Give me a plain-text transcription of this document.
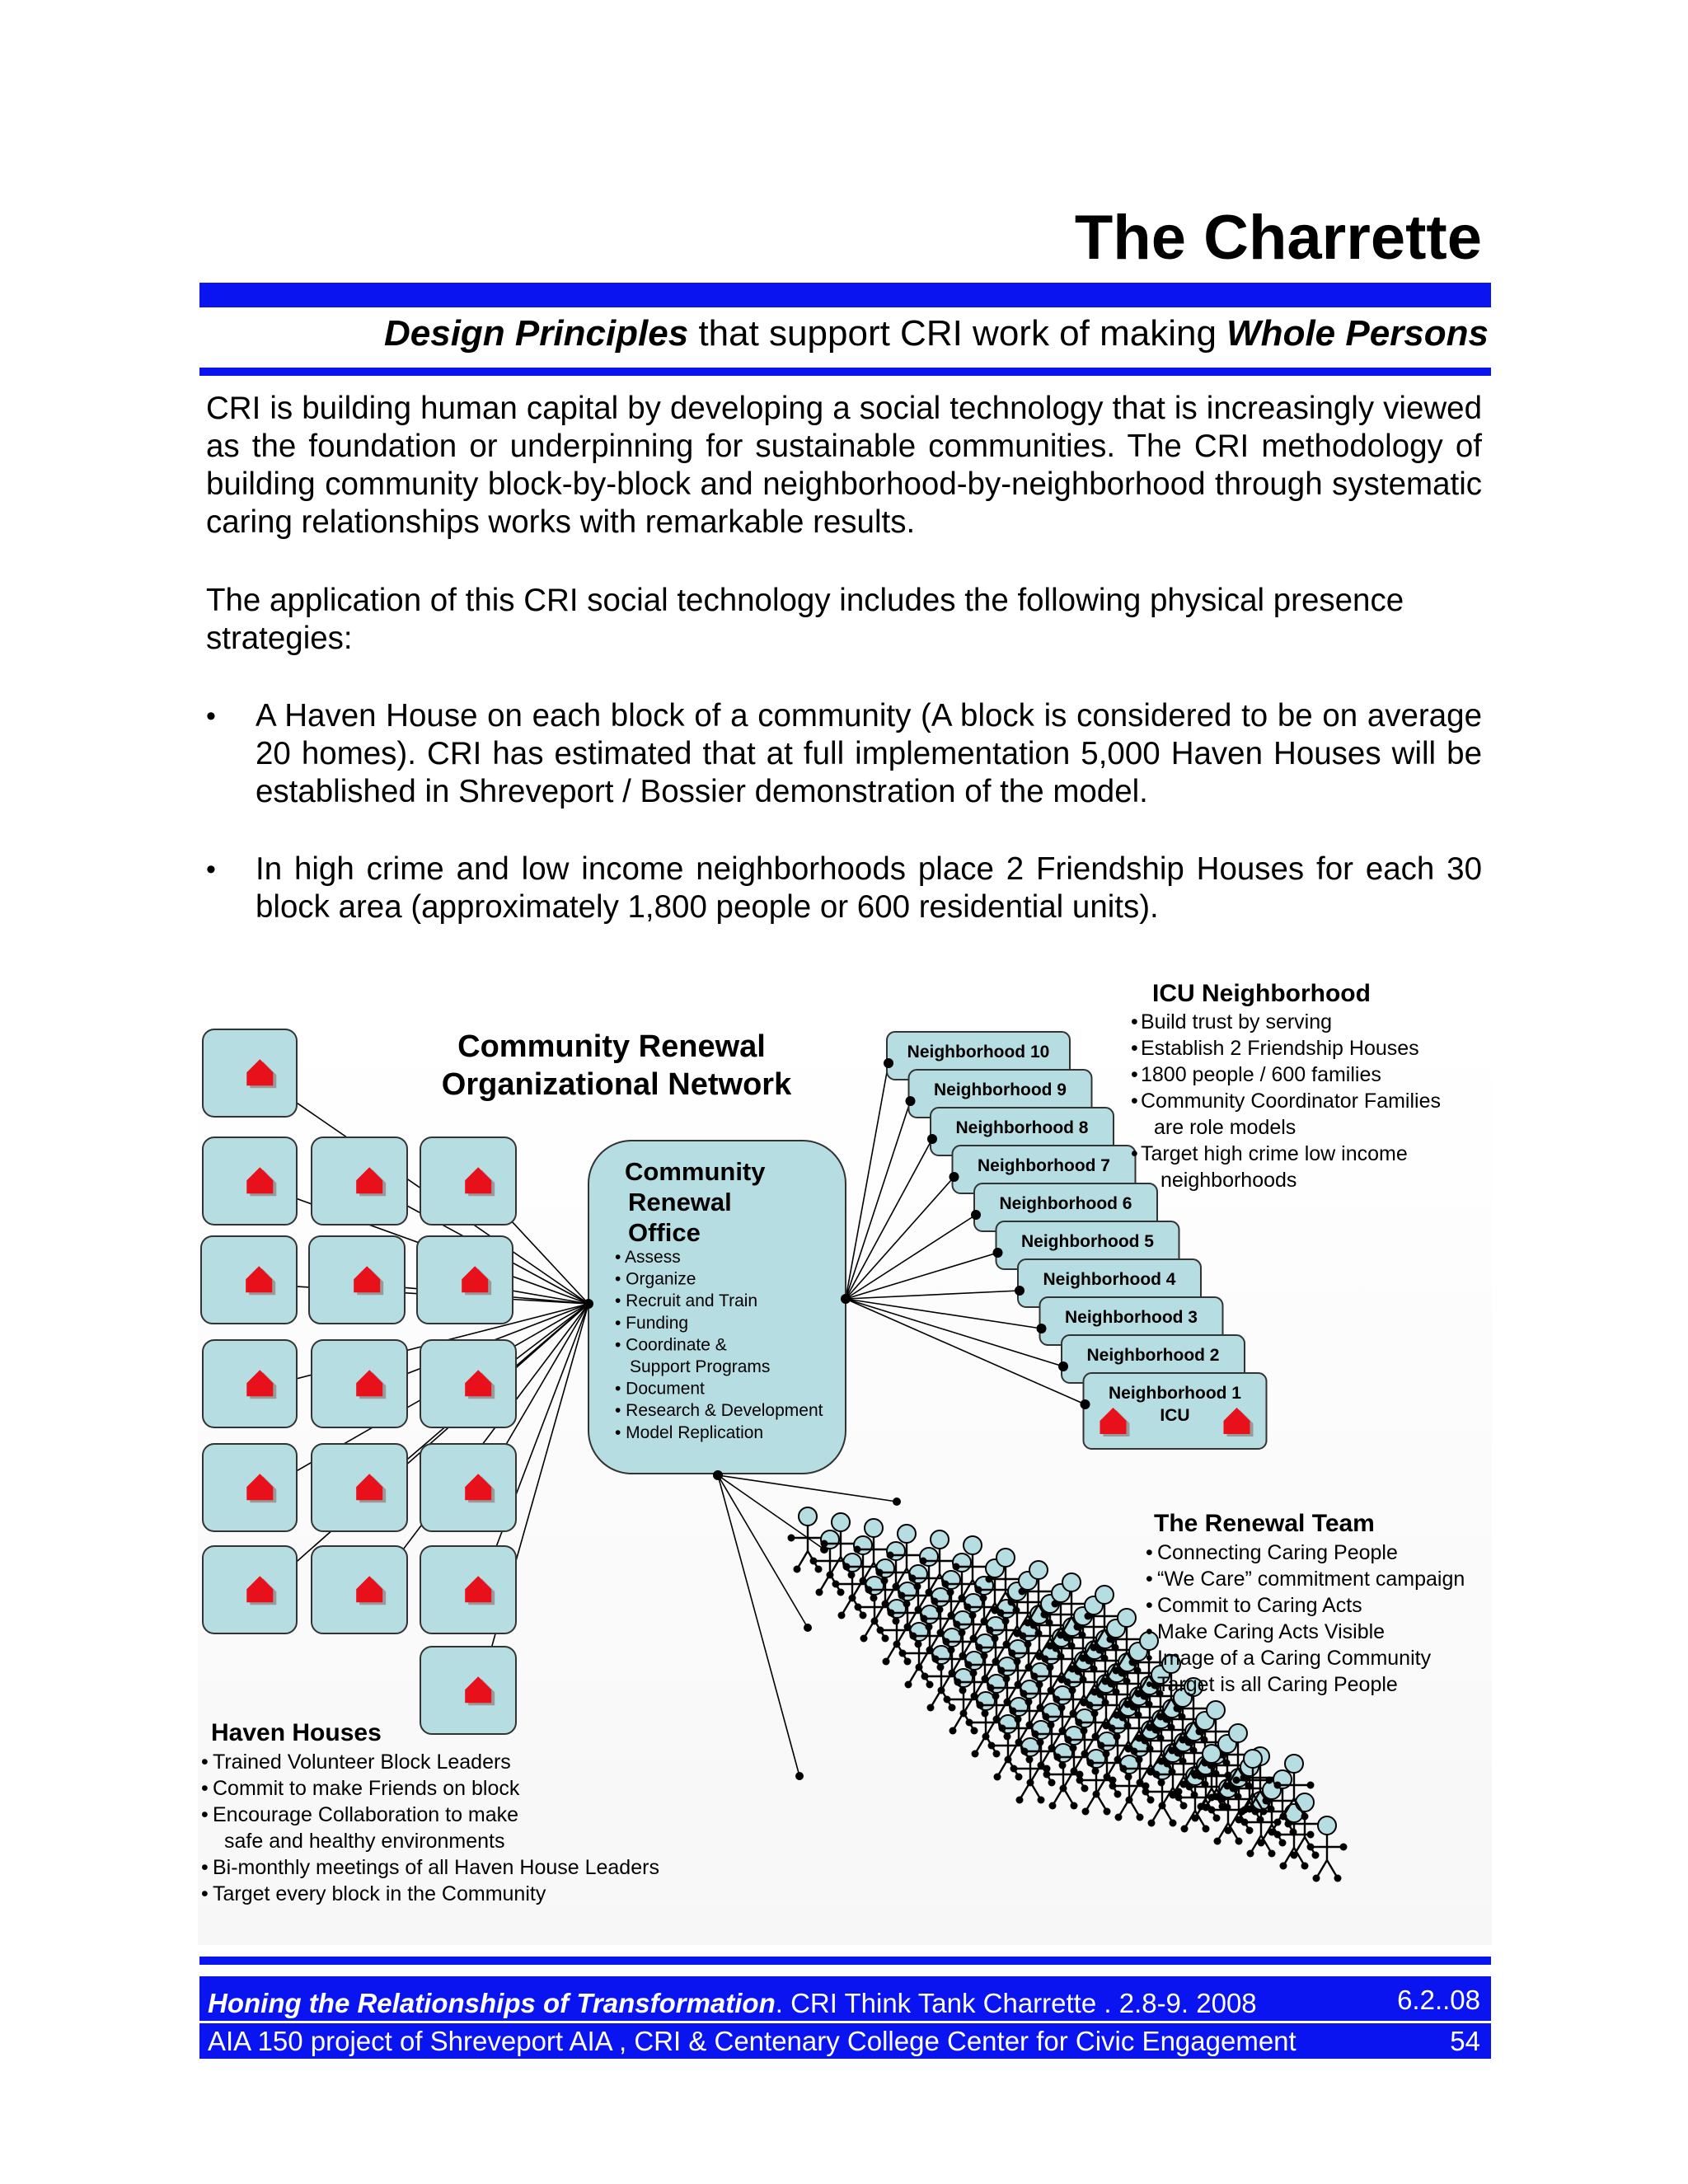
The Charrette
Design Principles that support CRI work of making Whole Persons
CRI is building human capital by developing a social technology that is increasingly viewed as the foundation or underpinning for sustainable communities. The CRI methodology of building community block-by-block and neighborhood-by-neighborhood through systematic caring relationships works with remarkable results.
The application of this CRI social technology includes the following physical presence strategies:
• A Haven House on each block of a community (A block is considered to be on average 20 homes). CRI has estimated that at full implementation 5,000 Haven Houses will be established in Shreveport / Bossier demonstration of the model.
• In high crime and low income neighborhoods place 2 Friendship Houses for each 30 block area (approximately 1,800 people or 600 residential units).
Community
Renewal
Office
• Assess
• Organize
• Recruit and Train
• Funding
• Coordinate &
Support Programs
• Document
• Research & Development
• Model Replication
Neighborhood 10
Neighborhood 9
Neighborhood 8
Neighborhood 7
Neighborhood 6
Neighborhood 5
Neighborhood 4
Neighborhood 3
Neighborhood 2
Neighborhood 1
ICU
Community Renewal
Organizational Network
ICU Neighborhood
Build trust by serving
Establish 2 Friendship Houses
1800 people / 600 families
Community Coordinator Families
are role models
Target high crime low income
neighborhoods
•
•
•
•
•
The Renewal Team
Connecting Caring People
“We Care” commitment campaign
Commit to Caring Acts
Make Caring Acts Visible
Image of a Caring Community
Target is all Caring People
•
•
•
•
•
•
Haven Houses
Trained Volunteer Block Leaders
Commit to make Friends on block
Encourage Collaboration to make
safe and healthy environments
Bi-monthly meetings of all Haven House Leaders
Target every block in the Community
•
•
•
•
•
Honing the Relationships of Transformation. CRI Think Tank Charrette . 2.8-9. 2008	6.2..08
AIA 150 project of Shreveport AIA , CRI & Centenary College Center for Civic Engagement	54
